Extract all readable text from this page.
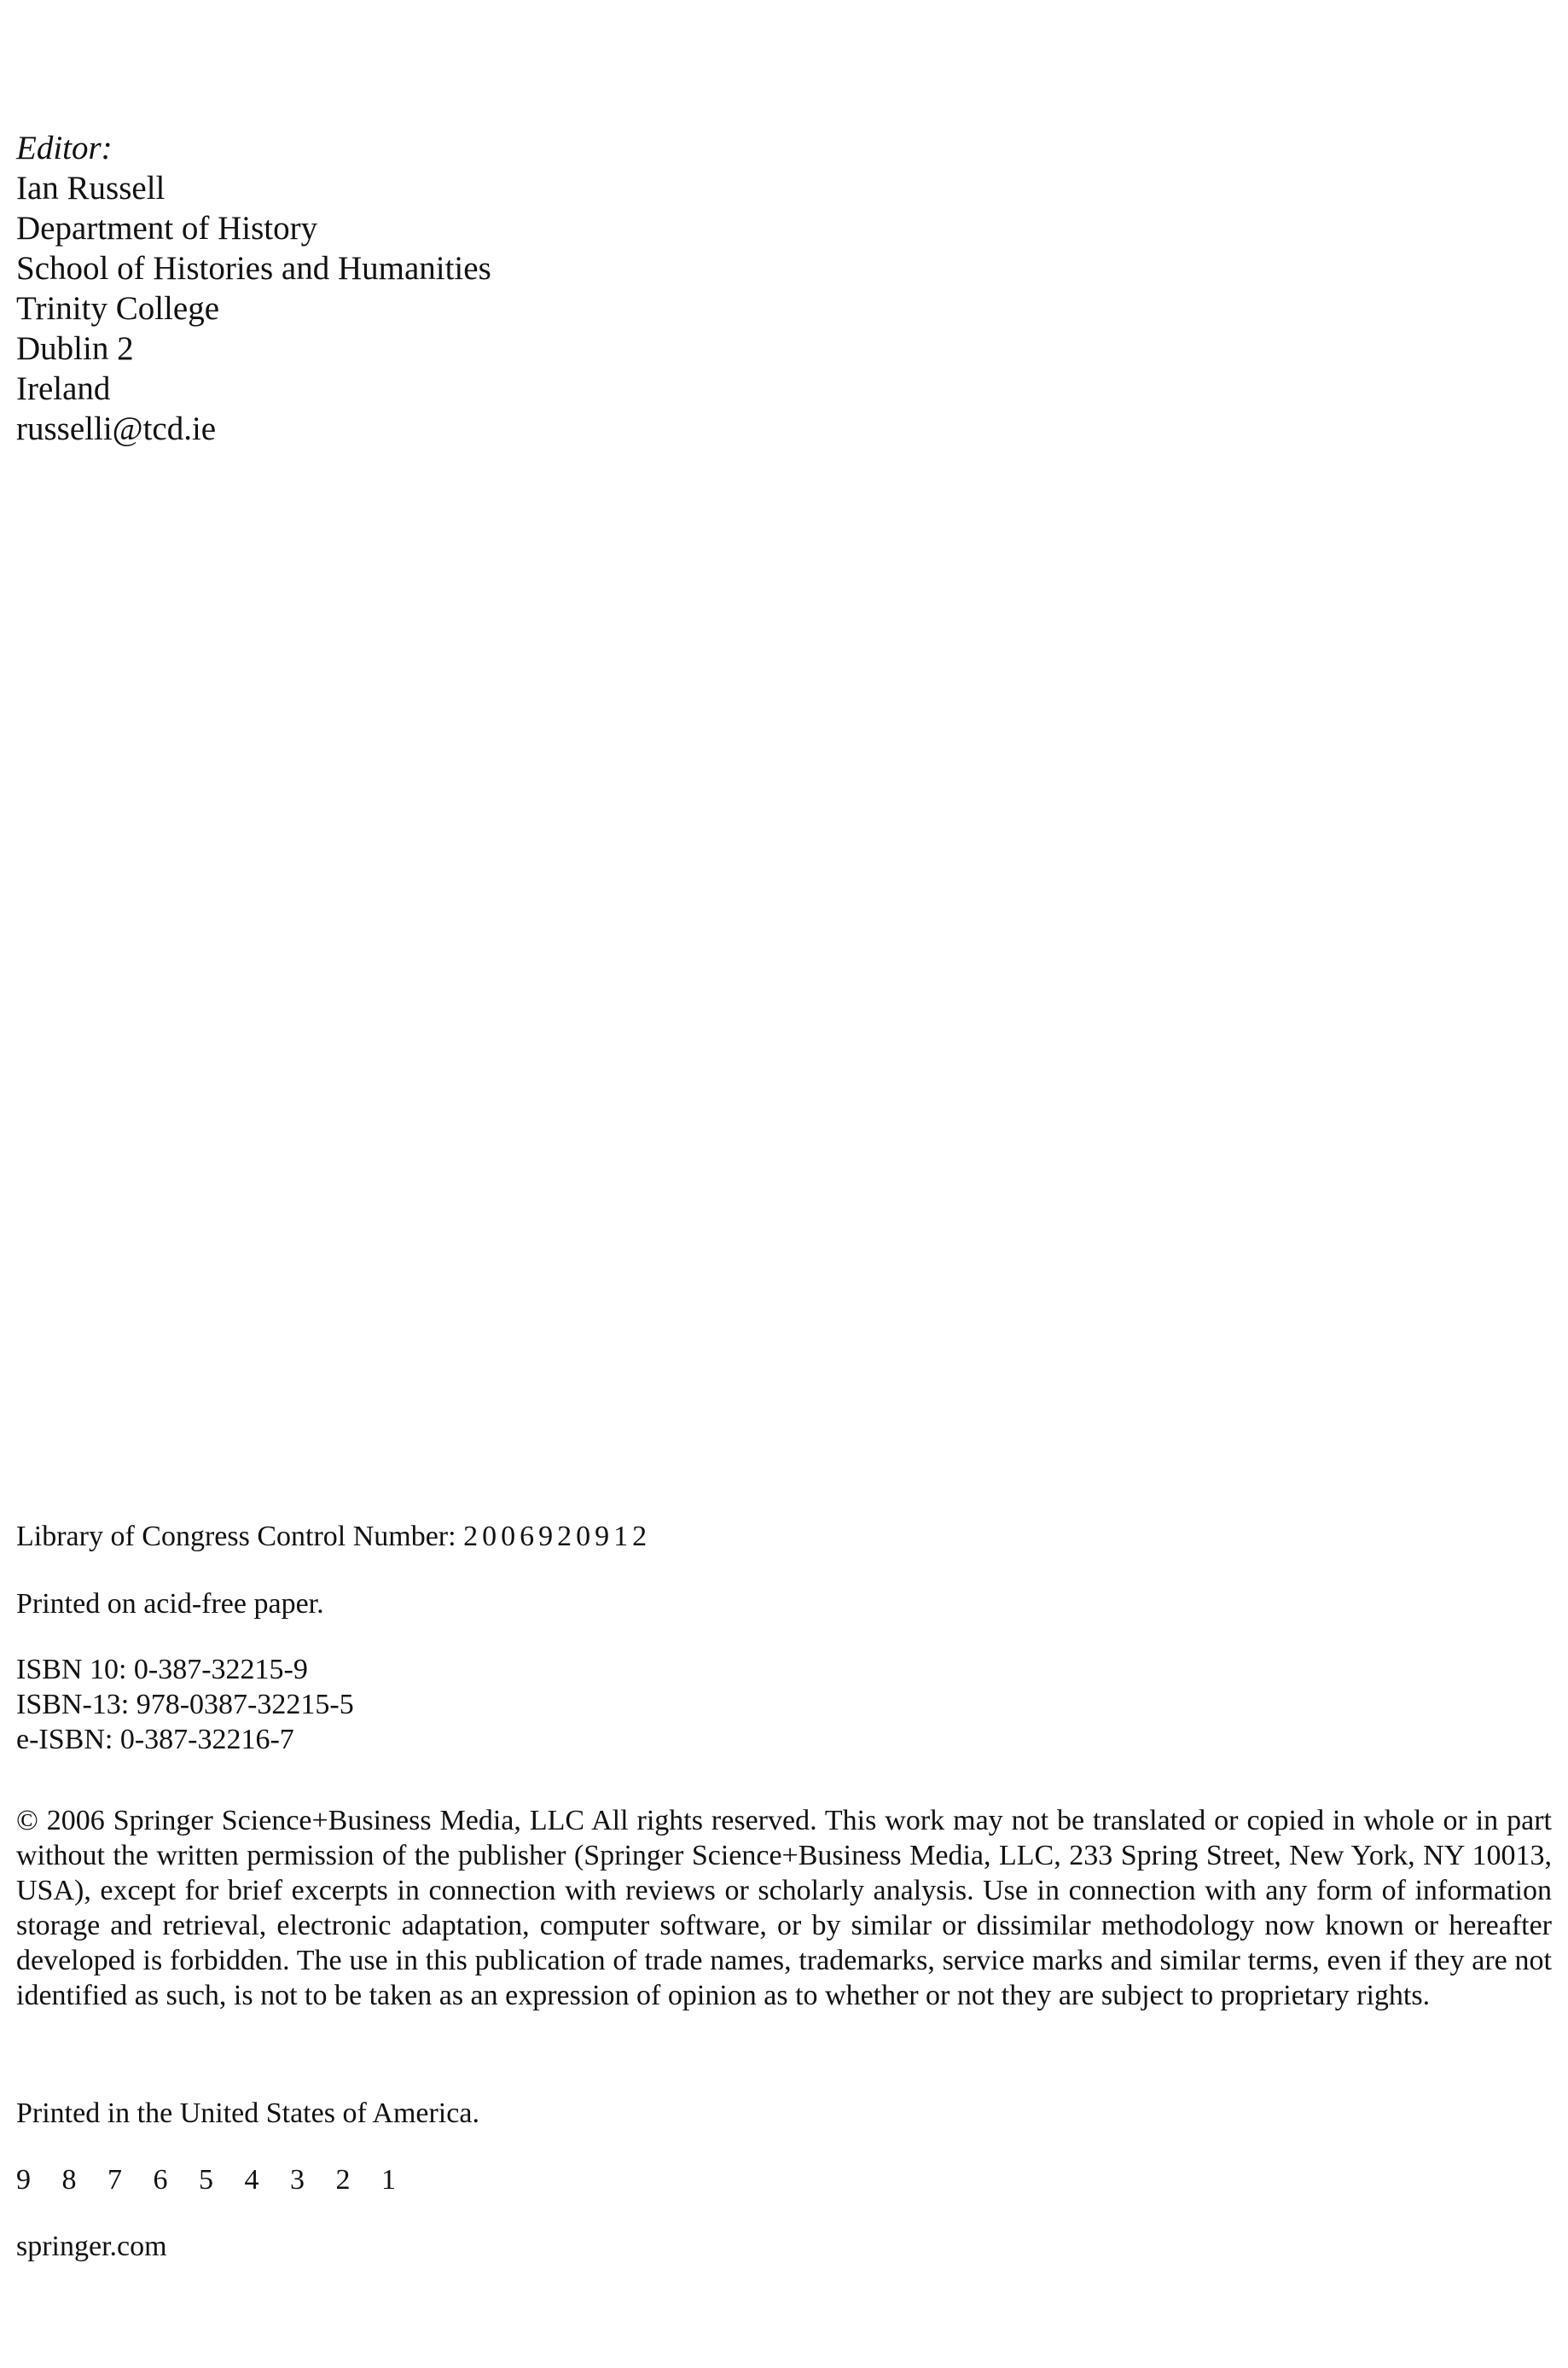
Editor:
Ian Russell
Department of History
School of Histories and Humanities
Trinity College
Dublin 2
Ireland
russelli@tcd.ie
Library of Congress Control Number: 2006920912
Printed on acid-free paper.
ISBN 10: 0-387-32215-9
ISBN-13: 978-0387-32215-5
e-ISBN: 0-387-32216-7
© 2006 Springer Science+Business Media, LLC All rights reserved. This work may not be translated or copied in whole or in part without the written permission of the publisher (Springer Science+Business Media, LLC, 233 Spring Street, New York, NY 10013, USA), except for brief excerpts in connection with reviews or scholarly analysis. Use in connection with any form of information storage and retrieval, electronic adaptation, computer software, or by similar or dissimilar methodology now known or hereafter developed is forbidden. The use in this publication of trade names, trademarks, service marks and similar terms, even if they are not identified as such, is not to be taken as an expression of opinion as to whether or not they are subject to proprietary rights.
Printed in the United States of America.
9 8 7 6 5 4 3 2 1
springer.com
